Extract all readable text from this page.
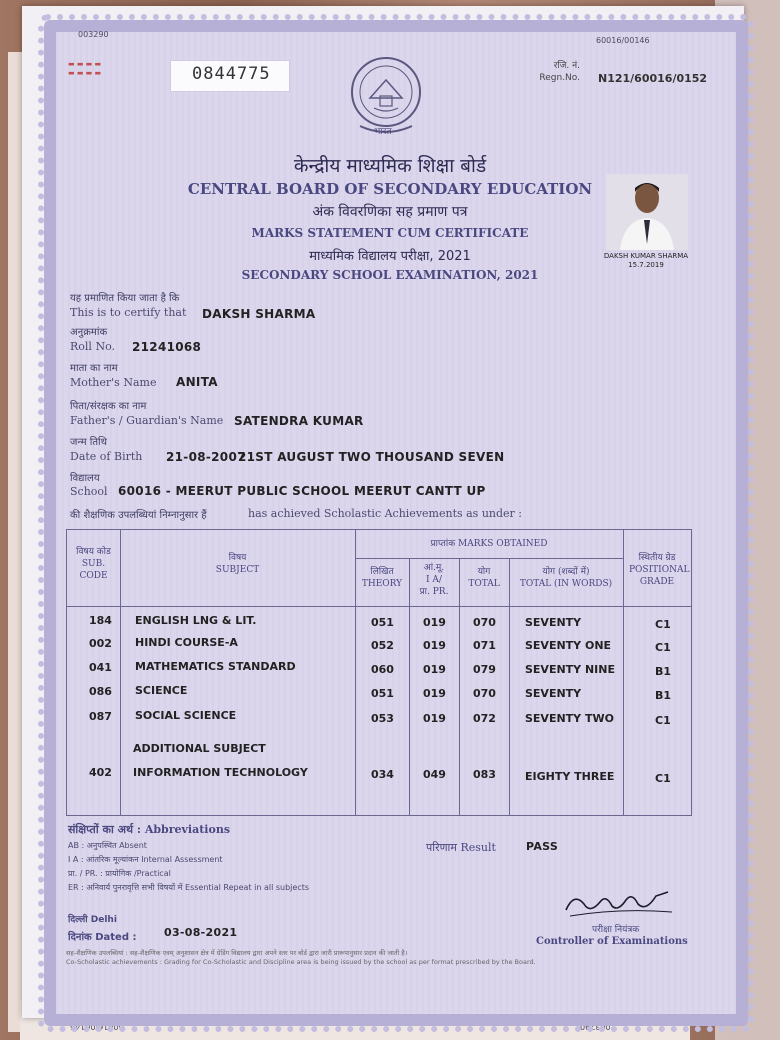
003290
60016/00146
▬ ▬ ▬ ▬
▬ ▬ ▬ ▬	0844775
भारत
रजि. नं.
Regn.No. N121/60016/0152
केन्द्रीय माध्यमिक शिक्षा बोर्ड
CENTRAL BOARD OF SECONDARY EDUCATION
अंक विवरणिका सह प्रमाण पत्र
MARKS STATEMENT CUM CERTIFICATE
माध्यमिक विद्यालय परीक्षा, 2021
SECONDARY SCHOOL EXAMINATION, 2021
DAKSH KUMAR SHARMA
15.7.2019
यह प्रमाणित किया जाता है कि
This is to certify that DAKSH SHARMA
अनुक्रमांक
Roll No. 21241068
माता का नाम
Mother's Name ANITA
पिता/संरक्षक का नाम
Father's / Guardian's Name SATENDRA KUMAR
जन्म तिथि
Date of Birth 21-08-2007
21ST AUGUST TWO THOUSAND SEVEN
विद्यालय
School 60016 - MEERUT PUBLIC SCHOOL MEERUT CANTT UP
की शैक्षणिक उपलब्धियां निम्नानुसार हैं	has achieved Scholastic Achievements as under :
विषय कोड
SUB. CODE
विषय
SUBJECT
प्राप्तांक MARKS OBTAINED
लिखित
THEORY
आं.मू.
I A/
प्रा. PR.
योग
TOTAL
योग (शब्दों में)
TOTAL (IN WORDS)
स्थितीय ग्रेड
POSITIONAL GRADE
184 ENGLISH LNG & LIT.	051	019 070	SEVENTY	C1
002 HINDI COURSE-A	052	019 071	SEVENTY ONE	C1
041 MATHEMATICS STANDARD	060	019 079	SEVENTY NINE	B1
086 SCIENCE	051	019 070	SEVENTY	B1
087 SOCIAL SCIENCE	053	019 072	SEVENTY TWO	C1
ADDITIONAL SUBJECT
402 INFORMATION TECHNOLOGY	034	049 083	EIGHTY THREE	C1
संक्षिप्तों का अर्थ : Abbreviations
AB : अनुपस्थित Absent
I A : आंतरिक मूल्यांकन Internal Assessment
प्रा. / PR. : प्रायोगिक /Practical
ER : अनिवार्य पुनरावृत्ति सभी विषयों में Essential Repeat in all subjects
परिणाम Result	PASS
दिल्ली Delhi
दिनांक Dated :	03-08-2021	परीक्षा नियंत्रक
Controller of Examinations
सह-शैक्षणिक उपलब्धियां : सह-शैक्षणिक एवम् अनुशासन क्षेत्र में ग्रेडिंग विद्यालय द्वारा अपने स्तर पर बोर्ड द्वारा जारी प्रारूपानुसार प्रदान की जाती है।
Co-Scholastic achievements : Grading for Co-Scholastic and Discipline area is being issued by the school as per format prescribed by the Board.
